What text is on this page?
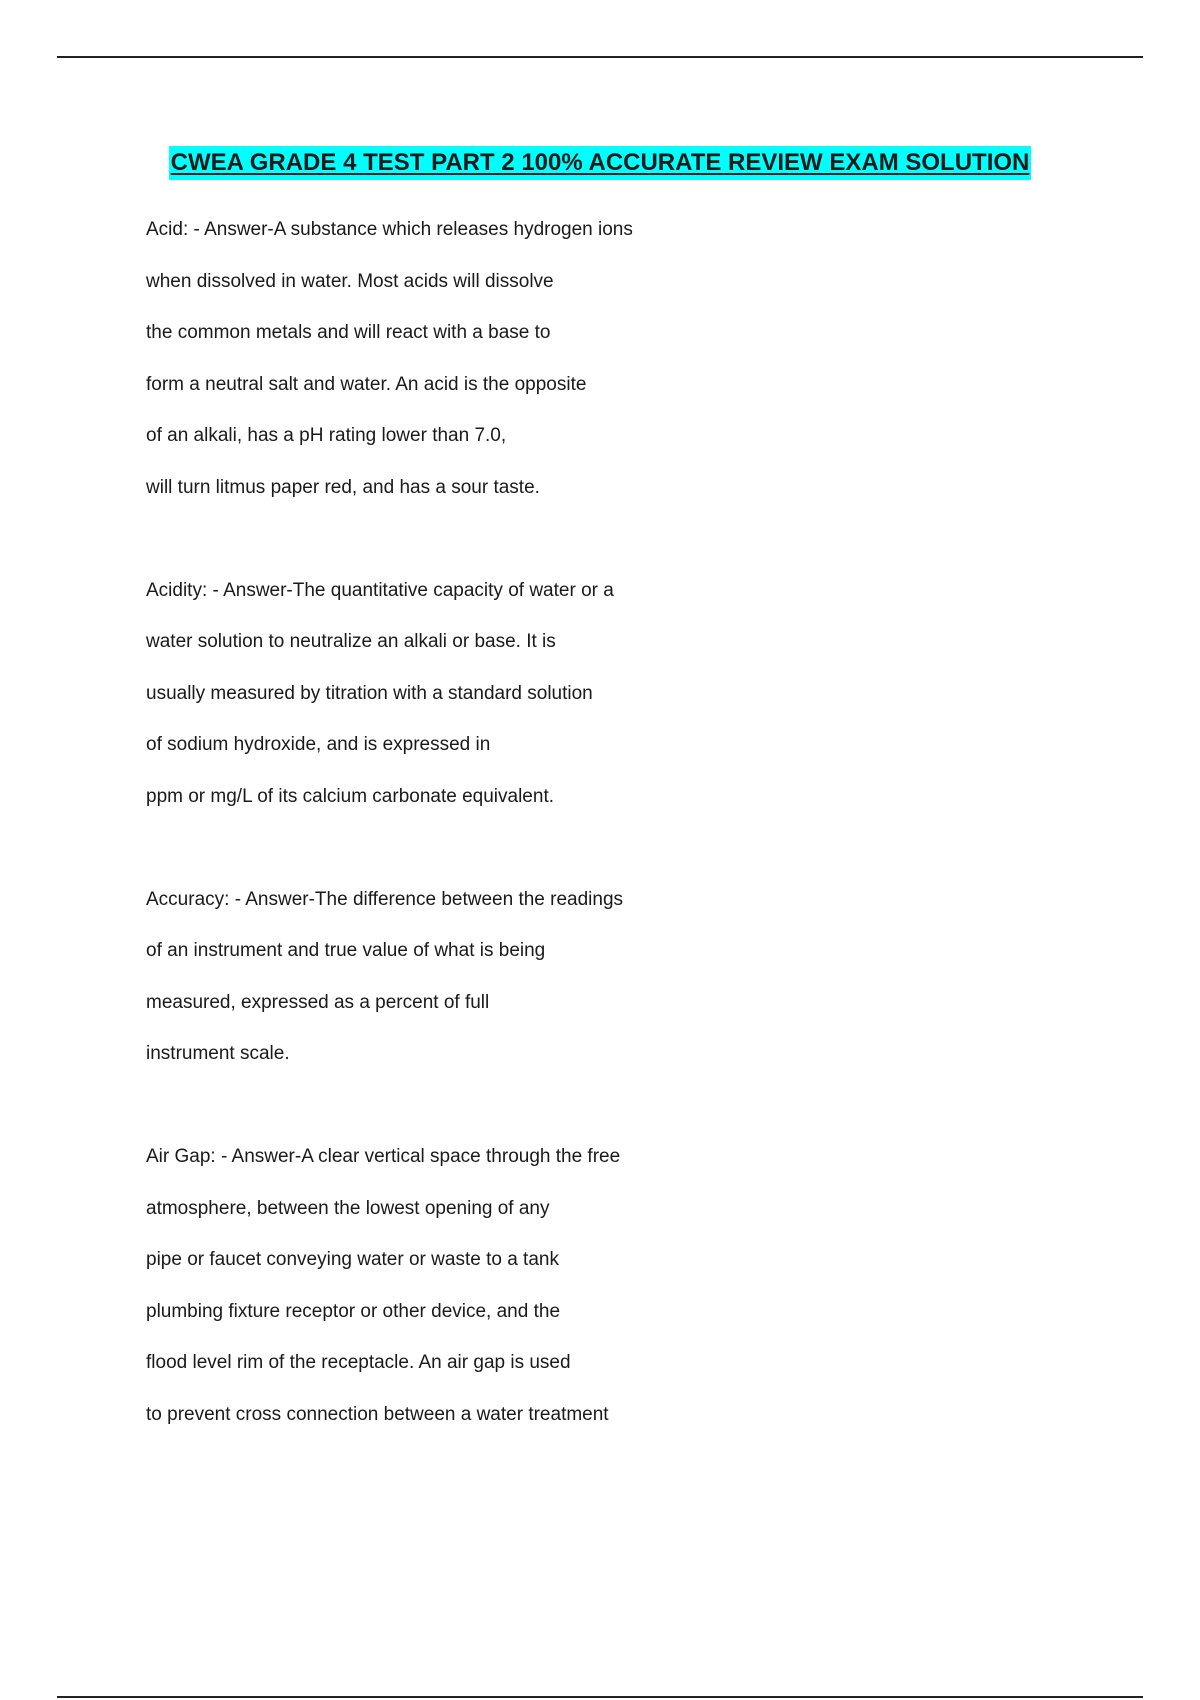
CWEA GRADE 4 TEST PART 2 100% ACCURATE REVIEW EXAM SOLUTION
Acid: - Answer-A substance which releases hydrogen ions
when dissolved in water. Most acids will dissolve
the common metals and will react with a base to
form a neutral salt and water. An acid is the opposite
of an alkali, has a pH rating lower than 7.0,
will turn litmus paper red, and has a sour taste.
Acidity: - Answer-The quantitative capacity of water or a
water solution to neutralize an alkali or base. It is
usually measured by titration with a standard solution
of sodium hydroxide, and is expressed in
ppm or mg/L of its calcium carbonate equivalent.
Accuracy: - Answer-The difference between the readings
of an instrument and true value of what is being
measured, expressed as a percent of full
instrument scale.
Air Gap: - Answer-A clear vertical space through the free
atmosphere, between the lowest opening of any
pipe or faucet conveying water or waste to a tank
plumbing fixture receptor or other device, and the
flood level rim of the receptacle. An air gap is used
to prevent cross connection between a water treatment
